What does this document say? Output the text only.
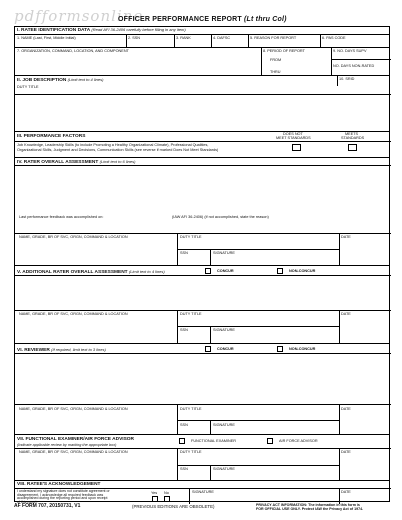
pdfformsonline
OFFICER PERFORMANCE REPORT (Lt thru Col)
I. RATEE IDENTIFICATION DATA (Read AFI 36-2406 carefully before filling in any item)
1. NAME (Last, First, Middle Initial)	2. SSN	3. RANK	4. DAFSC	5. REASON FOR REPORT	6. PAS CODE
7. ORGANIZATION, COMMAND, LOCATION, AND COMPONENT	8. PERIOD OF REPORT
FROM
THRU
9. NO. DAYS SUPV
NO. DAYS NON-RATED
II. JOB DESCRIPTION (Limit text to 4 lines)	10. SRID
DUTY TITLE
III. PERFORMANCE FACTORS	DOES NOT
MEET STANDARDS
MEETS
STANDARDS
Job Knowledge, Leadership Skills (to include Promoting a Healthy Organizational Climate), Professional Qualities,
Organizational Skills, Judgment and Decisions, Communication Skills (see reverse if marked Does Not Meet Standards)
IV. RATER OVERALL ASSESSMENT (Limit text to 6 lines)
Last performance feedback was accomplished on:	(IAW AFI 36-2406) (if not accomplished, state the reason)
NAME, GRADE, BR OF SVC, ORGN, COMMAND & LOCATION	DUTY TITLE	DATE
SSN	SIGNATURE
V. ADDITIONAL RATER OVERALL ASSESSMENT (Limit text to 4 lines)	CONCUR	NON-CONCUR
NAME, GRADE, BR OF SVC, ORGN, COMMAND & LOCATION	DUTY TITLE	DATE
SSN	SIGNATURE
VI. REVIEWER (If required, limit text to 3 lines)	CONCUR	NON-CONCUR
NAME, GRADE, BR OF SVC, ORGN, COMMAND & LOCATION	DUTY TITLE	DATE
SSN	SIGNATURE
VII. FUNCTIONAL EXAMINER/AIR FORCE ADVISOR
(Indicate applicable review by marking the appropriate box)
FUNCTIONAL EXAMINER	AIR FORCE ADVISOR
NAME, GRADE, BR OF SVC, ORGN, COMMAND & LOCATION	DUTY TITLE	DATE
SSN	SIGNATURE
VIII. RATEE'S ACKNOWLEDGEMENT
I understand my signature does not constitute agreement or
disagreement. I acknowledge all required feedback was
accomplished during the reporting period and upon receipt
of this report.
Yes No	SIGNATURE	DATE
AF FORM 707, 20150731, V1	(PREVIOUS EDITIONS ARE OBSOLETE)	PRIVACY ACT INFORMATION: The information in this form is
FOR OFFICIAL USE ONLY. Protect IAW the Privacy Act of 1974.
